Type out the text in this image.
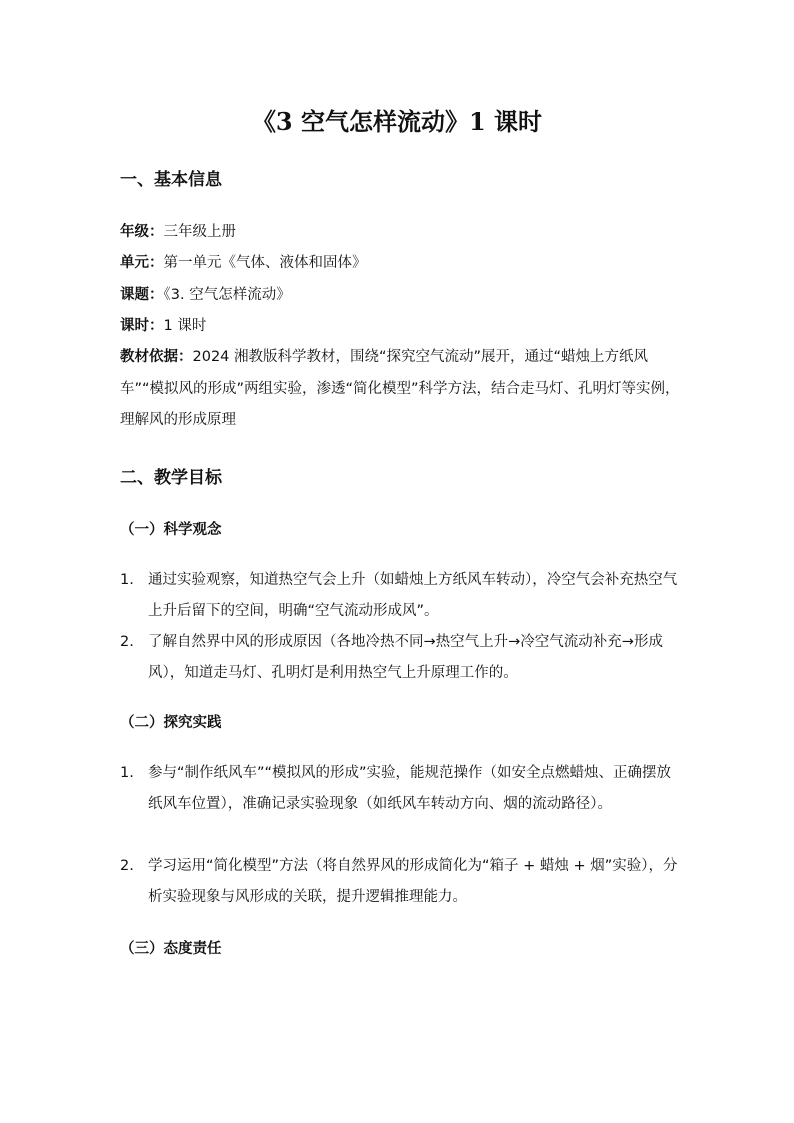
《3 空气怎样流动》1 课时
一、基本信息
年级：三年级上册
单元：第一单元《气体、液体和固体》
课题：《3. 空气怎样流动》
课时：1 课时
教材依据：2024 湘教版科学教材，围绕“探究空气流动”展开，通过“蜡烛上方纸风车”“模拟风的形成”两组实验，渗透“简化模型”科学方法，结合走马灯、孔明灯等实例，理解风的形成原理
二、教学目标
（一）科学观念
1. 通过实验观察，知道热空气会上升（如蜡烛上方纸风车转动），冷空气会补充热空气上升后留下的空间，明确“空气流动形成风”。
2. 了解自然界中风的形成原因（各地冷热不同→热空气上升→冷空气流动补充→形成风），知道走马灯、孔明灯是利用热空气上升原理工作的。
（二）探究实践
1. 参与“制作纸风车”“模拟风的形成”实验，能规范操作（如安全点燃蜡烛、正确摆放纸风车位置），准确记录实验现象（如纸风车转动方向、烟的流动路径）。
2. 学习运用“简化模型”方法（将自然界风的形成简化为“箱子 + 蜡烛 + 烟”实验），分析实验现象与风形成的关联，提升逻辑推理能力。
（三）态度责任
